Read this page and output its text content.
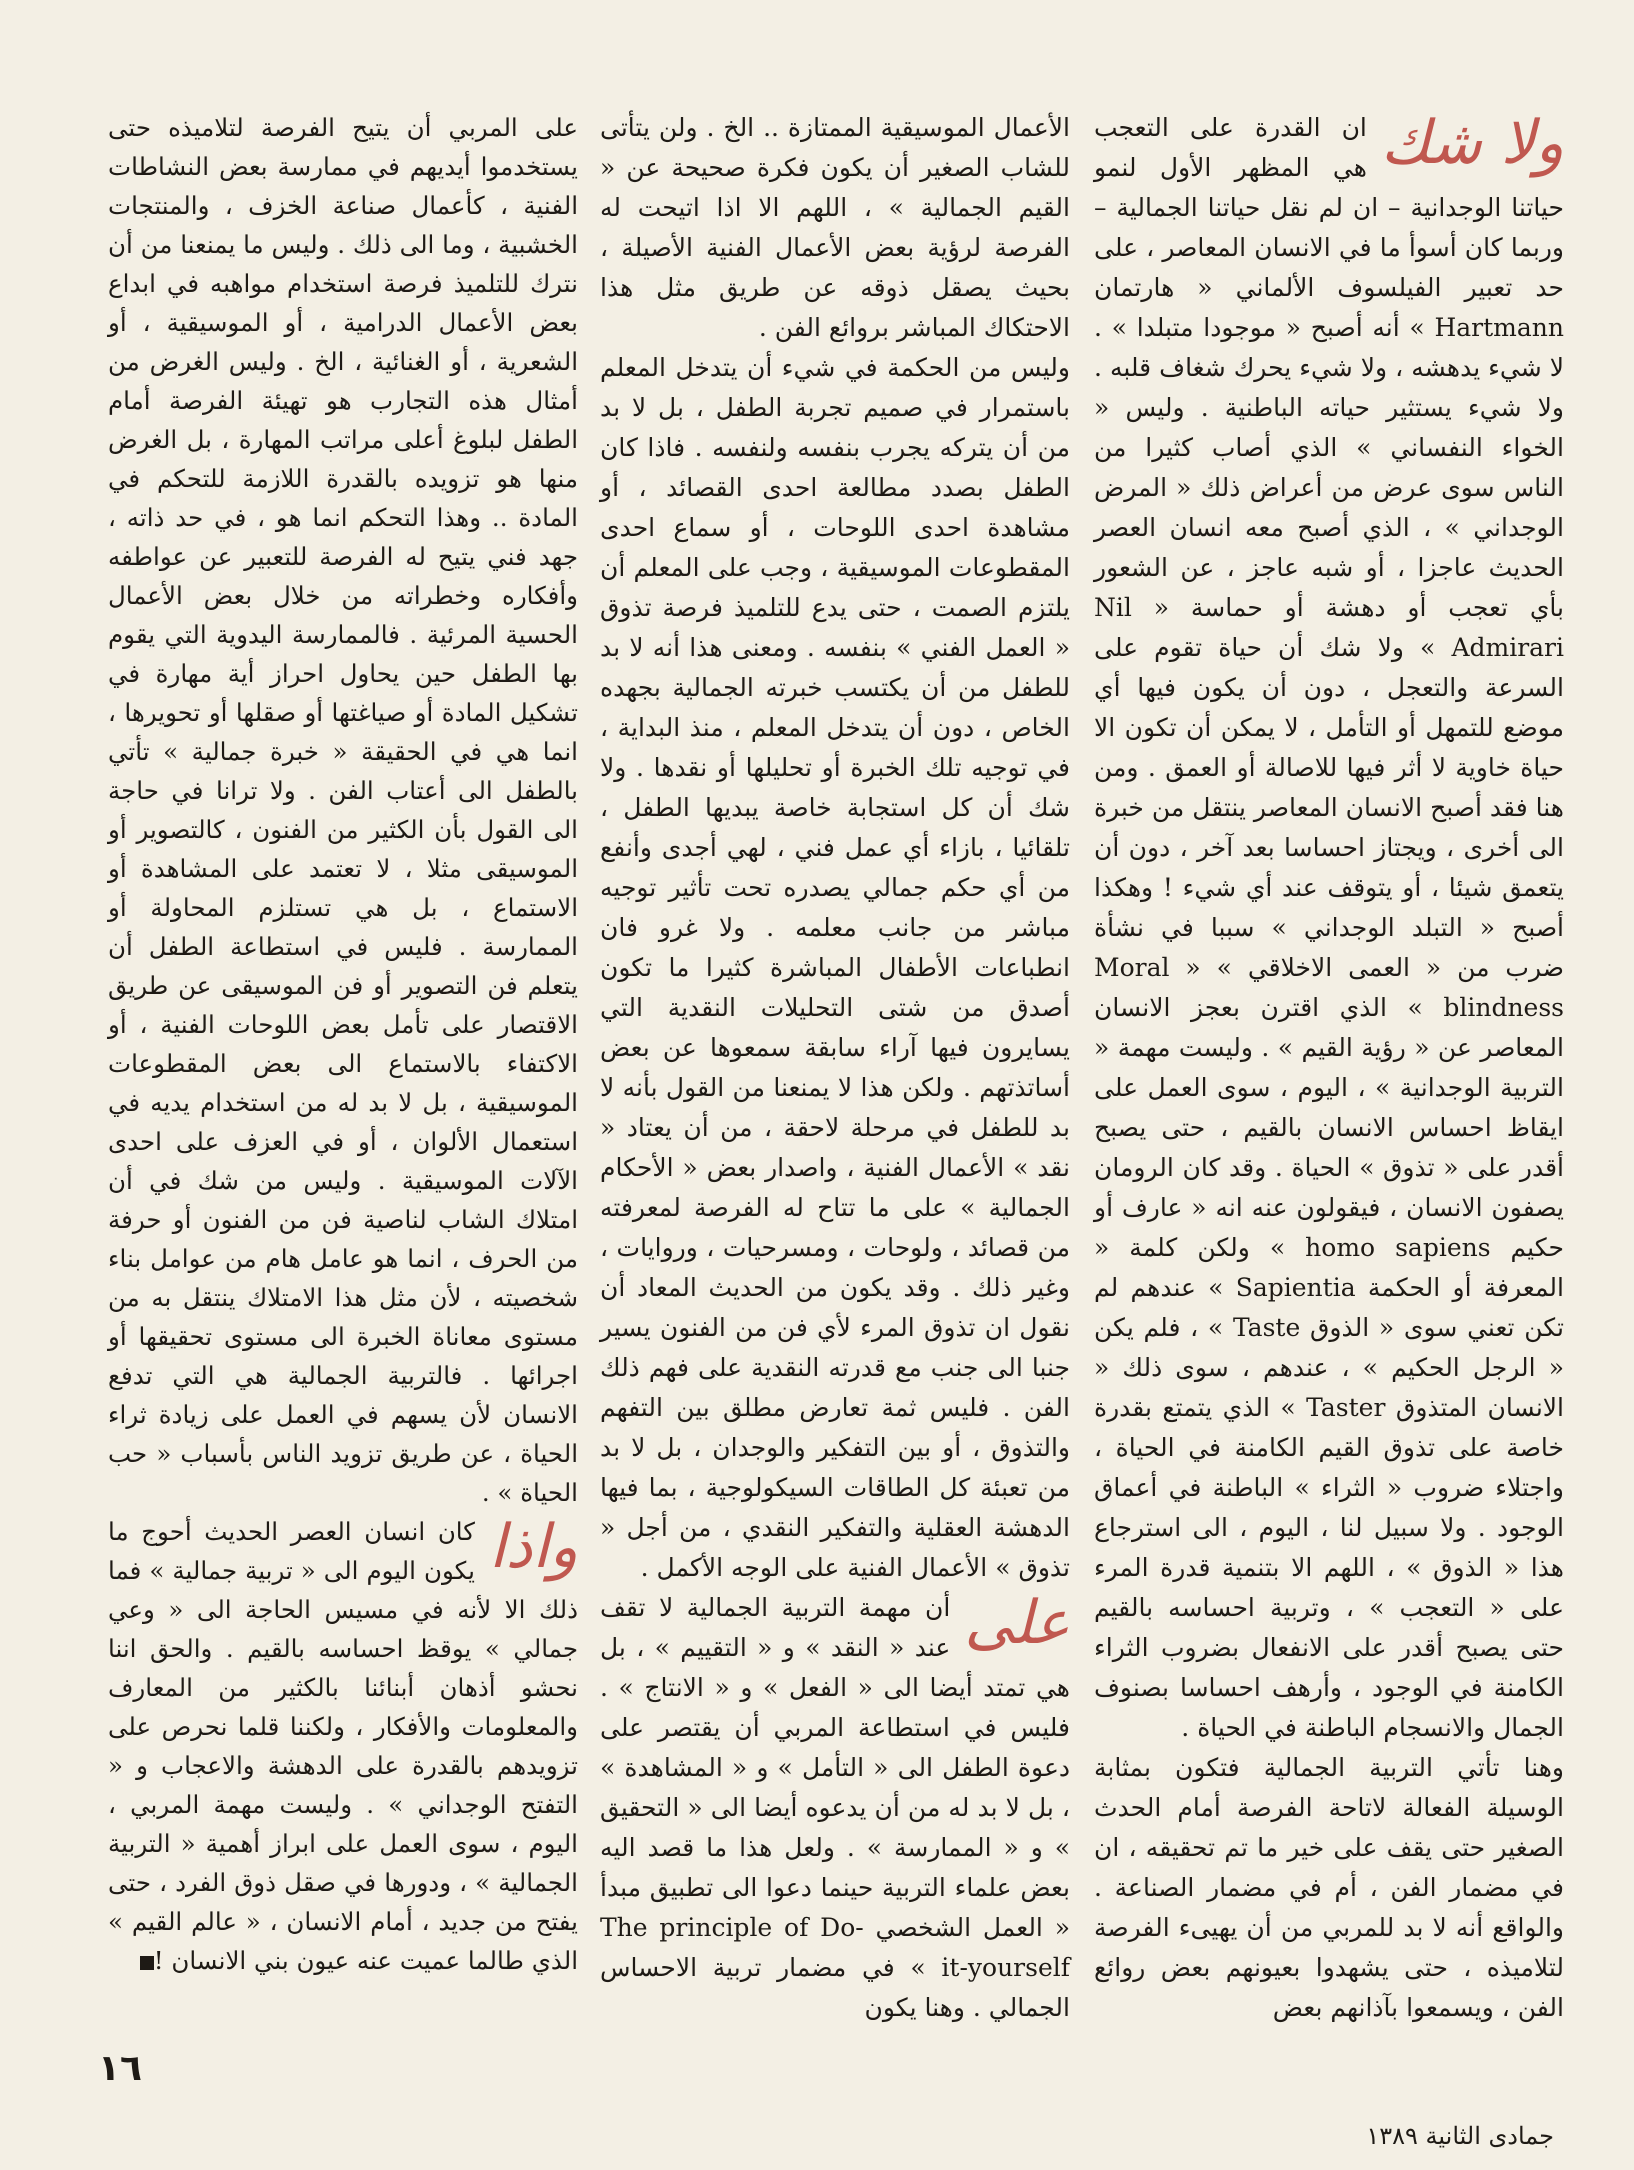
ولا شك

ان القدرة على التعجب هي المظهر الأول لنمو حياتنا الوجدانية – ان لم نقل حياتنا الجمالية – وربما كان أسوأ ما في الانسان المعاصر ، على حد تعبير الفيلسوف الألماني « هارتمان Hartmann » أنه أصبح « موجودا متبلدا » . لا شيء يدهشه ، ولا شيء يحرك شغاف قلبه . ولا شيء يستثير حياته الباطنية . وليس « الخواء النفساني » الذي أصاب كثيرا من الناس سوى عرض من أعراض ذلك « المرض الوجداني » ، الذي أصبح معه انسان العصر الحديث عاجزا ، أو شبه عاجز ، عن الشعور بأي تعجب أو دهشة أو حماسة « Nil Admirari » ولا شك أن حياة تقوم على السرعة والتعجل ، دون أن يكون فيها أي موضع للتمهل أو التأمل ، لا يمكن أن تكون الا حياة خاوية لا أثر فيها للاصالة أو العمق . ومن هنا فقد أصبح الانسان المعاصر ينتقل من خبرة الى أخرى ، ويجتاز احساسا بعد آخر ، دون أن يتعمق شيئا ، أو يتوقف عند أي شيء ! وهكذا أصبح « التبلد الوجداني » سببا في نشأة ضرب من « العمى الاخلاقي » « Moral blindness » الذي اقترن بعجز الانسان المعاصر عن « رؤية القيم » . وليست مهمة « التربية الوجدانية » ، اليوم ، سوى العمل على ايقاظ احساس الانسان بالقيم ، حتى يصبح أقدر على « تذوق » الحياة . وقد كان الرومان يصفون الانسان ، فيقولون عنه انه « عارف أو حكيم homo sapiens » ولكن كلمة « المعرفة أو الحكمة Sapientia » عندهم لم تكن تعني سوى « الذوق Taste » ، فلم يكن « الرجل الحكيم » ، عندهم ، سوى ذلك « الانسان المتذوق Taster » الذي يتمتع بقدرة خاصة على تذوق القيم الكامنة في الحياة ، واجتلاء ضروب « الثراء » الباطنة في أعماق الوجود . ولا سبيل لنا ، اليوم ، الى استرجاع هذا « الذوق » ، اللهم الا بتنمية قدرة المرء على « التعجب » ، وتربية احساسه بالقيم حتى يصبح أقدر على الانفعال بضروب الثراء الكامنة في الوجود ، وأرهف احساسا بصنوف الجمال والانسجام الباطنة في الحياة .

وهنا تأتي التربية الجمالية فتكون بمثابة الوسيلة الفعالة لاتاحة الفرصة أمام الحدث الصغير حتى يقف على خير ما تم تحقيقه ، ان في مضمار الفن ، أم في مضمار الصناعة . والواقع أنه لا بد للمربي من أن يهيىء الفرصة لتلاميذه ، حتى يشهدوا بعيونهم بعض روائع الفن ، ويسمعوا بآذانهم بعض

الأعمال الموسيقية الممتازة .. الخ . ولن يتأتى للشاب الصغير أن يكون فكرة صحيحة عن « القيم الجمالية » ، اللهم الا اذا اتيحت له الفرصة لرؤية بعض الأعمال الفنية الأصيلة ، بحيث يصقل ذوقه عن طريق مثل هذا الاحتكاك المباشر بروائع الفن .

وليس من الحكمة في شيء أن يتدخل المعلم باستمرار في صميم تجربة الطفل ، بل لا بد من أن يتركه يجرب بنفسه ولنفسه . فاذا كان الطفل بصدد مطالعة احدى القصائد ، أو مشاهدة احدى اللوحات ، أو سماع احدى المقطوعات الموسيقية ، وجب على المعلم أن يلتزم الصمت ، حتى يدع للتلميذ فرصة تذوق « العمل الفني » بنفسه . ومعنى هذا أنه لا بد للطفل من أن يكتسب خبرته الجمالية بجهده الخاص ، دون أن يتدخل المعلم ، منذ البداية ، في توجيه تلك الخبرة أو تحليلها أو نقدها . ولا شك أن كل استجابة خاصة يبديها الطفل ، تلقائيا ، بازاء أي عمل فني ، لهي أجدى وأنفع من أي حكم جمالي يصدره تحت تأثير توجيه مباشر من جانب معلمه . ولا غرو فان انطباعات الأطفال المباشرة كثيرا ما تكون أصدق من شتى التحليلات النقدية التي يسايرون فيها آراء سابقة سمعوها عن بعض أساتذتهم . ولكن هذا لا يمنعنا من القول بأنه لا بد للطفل في مرحلة لاحقة ، من أن يعتاد « نقد » الأعمال الفنية ، واصدار بعض « الأحكام الجمالية » على ما تتاح له الفرصة لمعرفته من قصائد ، ولوحات ، ومسرحيات ، وروايات ، وغير ذلك . وقد يكون من الحديث المعاد أن نقول ان تذوق المرء لأي فن من الفنون يسير جنبا الى جنب مع قدرته النقدية على فهم ذلك الفن . فليس ثمة تعارض مطلق بين التفهم والتذوق ، أو بين التفكير والوجدان ، بل لا بد من تعبئة كل الطاقات السيكولوجية ، بما فيها الدهشة العقلية والتفكير النقدي ، من أجل « تذوق » الأعمال الفنية على الوجه الأكمل .

على

أن مهمة التربية الجمالية لا تقف عند « النقد » و « التقييم » ، بل هي تمتد أيضا الى « الفعل » و « الانتاج » . فليس في استطاعة المربي أن يقتصر على دعوة الطفل الى « التأمل » و « المشاهدة » ، بل لا بد له من أن يدعوه أيضا الى « التحقيق » و « الممارسة » . ولعل هذا ما قصد اليه بعض علماء التربية حينما دعوا الى تطبيق مبدأ « العمل الشخصي The principle of Do-it-yourself » في مضمار تربية الاحساس الجمالي . وهنا يكون

على المربي أن يتيح الفرصة لتلاميذه حتى يستخدموا أيديهم في ممارسة بعض النشاطات الفنية ، كأعمال صناعة الخزف ، والمنتجات الخشبية ، وما الى ذلك . وليس ما يمنعنا من أن نترك للتلميذ فرصة استخدام مواهبه في ابداع بعض الأعمال الدرامية ، أو الموسيقية ، أو الشعرية ، أو الغنائية ، الخ . وليس الغرض من أمثال هذه التجارب هو تهيئة الفرصة أمام الطفل لبلوغ أعلى مراتب المهارة ، بل الغرض منها هو تزويده بالقدرة اللازمة للتحكم في المادة .. وهذا التحكم انما هو ، في حد ذاته ، جهد فني يتيح له الفرصة للتعبير عن عواطفه وأفكاره وخطراته من خلال بعض الأعمال الحسية المرئية . فالممارسة اليدوية التي يقوم بها الطفل حين يحاول احراز أية مهارة في تشكيل المادة أو صياغتها أو صقلها أو تحويرها ، انما هي في الحقيقة « خبرة جمالية » تأتي بالطفل الى أعتاب الفن . ولا ترانا في حاجة الى القول بأن الكثير من الفنون ، كالتصوير أو الموسيقى مثلا ، لا تعتمد على المشاهدة أو الاستماع ، بل هي تستلزم المحاولة أو الممارسة . فليس في استطاعة الطفل أن يتعلم فن التصوير أو فن الموسيقى عن طريق الاقتصار على تأمل بعض اللوحات الفنية ، أو الاكتفاء بالاستماع الى بعض المقطوعات الموسيقية ، بل لا بد له من استخدام يديه في استعمال الألوان ، أو في العزف على احدى الآلات الموسيقية . وليس من شك في أن امتلاك الشاب لناصية فن من الفنون أو حرفة من الحرف ، انما هو عامل هام من عوامل بناء شخصيته ، لأن مثل هذا الامتلاك ينتقل به من مستوى معاناة الخبرة الى مستوى تحقيقها أو اجرائها . فالتربية الجمالية هي التي تدفع الانسان لأن يسهم في العمل على زيادة ثراء الحياة ، عن طريق تزويد الناس بأسباب « حب الحياة » .

واذا

كان انسان العصر الحديث أحوج ما يكون اليوم الى « تربية جمالية » فما ذلك الا لأنه في مسيس الحاجة الى « وعي جمالي » يوقظ احساسه بالقيم . والحق اننا نحشو أذهان أبنائنا بالكثير من المعارف والمعلومات والأفكار ، ولكننا قلما نحرص على تزويدهم بالقدرة على الدهشة والاعجاب و « التفتح الوجداني » . وليست مهمة المربي ، اليوم ، سوى العمل على ابراز أهمية « التربية الجمالية » ، ودورها في صقل ذوق الفرد ، حتى يفتح من جديد ، أمام الانسان ، « عالم القيم » الذي طالما عميت عنه عيون بني الانسان !

١٦
جمادى الثانية ١٣٨٩
